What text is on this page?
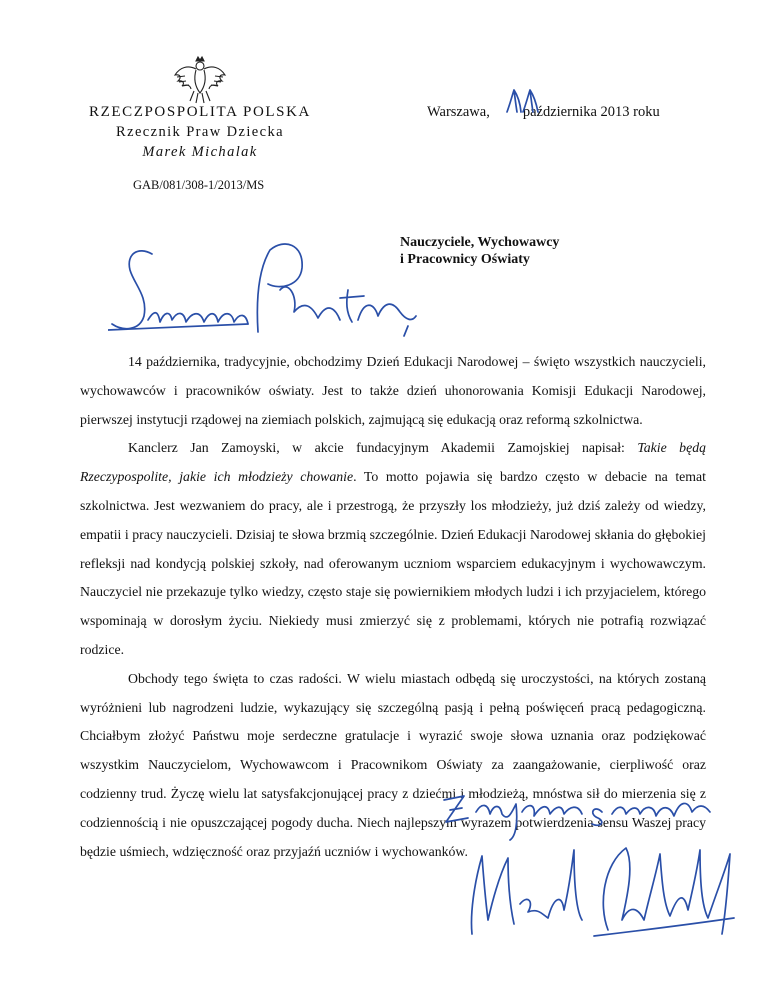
RZECZPOSPOLITA POLSKA
Rzecznik Praw Dziecka
Marek Michalak
GAB/081/308-1/2013/MS
Warszawa, października 2013 roku
Nauczyciele, Wychowawcy
i Pracownicy Oświaty

14 października, tradycyjnie, obchodzimy Dzień Edukacji Narodowej – święto wszystkich nauczycieli, wychowawców i pracowników oświaty. Jest to także dzień uhonorowania Komisji Edukacji Narodowej, pierwszej instytucji rządowej na ziemiach polskich, zajmującą się edukacją oraz reformą szkolnictwa.

Kanclerz Jan Zamoyski, w akcie fundacyjnym Akademii Zamojskiej napisał: Takie będą Rzeczypospolite, jakie ich młodzieży chowanie. To motto pojawia się bardzo często w debacie na temat szkolnictwa. Jest wezwaniem do pracy, ale i przestrogą, że przyszły los młodzieży, już dziś zależy od wiedzy, empatii i pracy nauczycieli. Dzisiaj te słowa brzmią szczególnie. Dzień Edukacji Narodowej skłania do głębokiej refleksji nad kondycją polskiej szkoły, nad oferowanym uczniom wsparciem edukacyjnym i wychowawczym. Nauczyciel nie przekazuje tylko wiedzy, często staje się powiernikiem młodych ludzi i ich przyjacielem, którego wspominają w dorosłym życiu. Niekiedy musi zmierzyć się z problemami, których nie potrafią rozwiązać rodzice.

Obchody tego święta to czas radości. W wielu miastach odbędą się uroczystości, na których zostaną wyróżnieni lub nagrodzeni ludzie, wykazujący się szczególną pasją i pełną poświęceń pracą pedagogiczną. Chciałbym złożyć Państwu moje serdeczne gratulacje i wyrazić swoje słowa uznania oraz podziękować wszystkim Nauczycielom, Wychowawcom i Pracownikom Oświaty za zaangażowanie, cierpliwość oraz codzienny trud. Życzę wielu lat satysfakcjonującej pracy z dziećmi i młodzieżą, mnóstwa sił do mierzenia się z codziennością i nie opuszczającej pogody ducha. Niech najlepszym wyrazem potwierdzenia sensu Waszej pracy będzie uśmiech, wdzięczność oraz przyjaźń uczniów i wychowanków.
